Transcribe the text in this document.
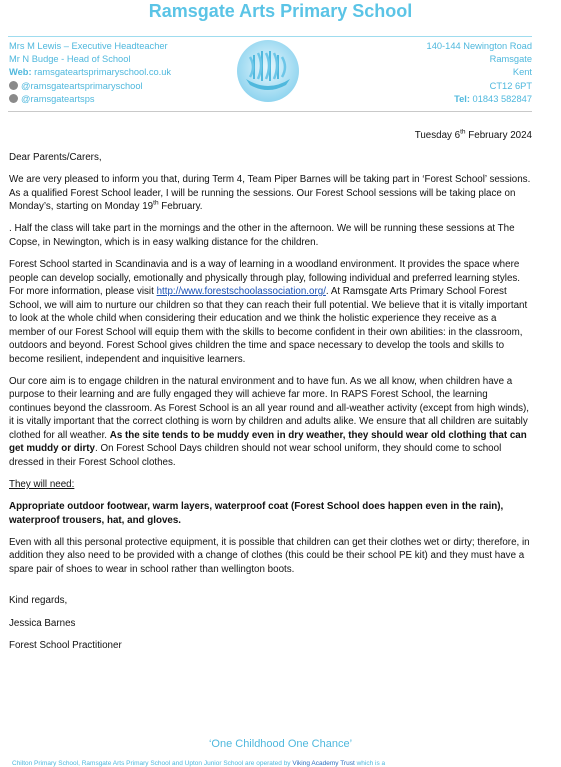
Ramsgate Arts Primary School
Mrs M Lewis – Executive Headteacher
Mr N Budge - Head of School
Web: ramsgateartsprimaryschool.co.uk
@ramsgateartsprimaryschool
@ramsgateartsps
140-144 Newington Road
Ramsgate
Kent
CT12 6PT
Tel: 01843 582847
Tuesday 6th February 2024

Dear Parents/Carers,

We are very pleased to inform you that, during Term 4, Team Piper Barnes will be taking part in ‘Forest School’ sessions. As a qualified Forest School leader, I will be running the sessions. Our Forest School sessions will be taking place on Monday’s, starting on Monday 19th February.

. Half the class will take part in the mornings and the other in the afternoon. We will be running these sessions at The Copse, in Newington, which is in easy walking distance for the children.

Forest School started in Scandinavia and is a way of learning in a woodland environment. It provides the space where people can develop socially, emotionally and physically through play, following individual and preferred learning styles. For more information, please visit http://www.forestschoolassociation.org/. At Ramsgate Arts Primary School Forest School, we will aim to nurture our children so that they can reach their full potential. We believe that it is vitally important to look at the whole child when considering their education and we think the holistic experience they receive as a member of our Forest School will equip them with the skills to become confident in their own abilities: in the classroom, outdoors and beyond. Forest School gives children the time and space necessary to develop the tools and skills to become resilient, independent and inquisitive learners.

Our core aim is to engage children in the natural environment and to have fun. As we all know, when children have a purpose to their learning and are fully engaged they will achieve far more. In RAPS Forest School, the learning continues beyond the classroom. As Forest School is an all year round and all-weather activity (except from high winds), it is vitally important that the correct clothing is worn by children and adults alike. We ensure that all children are suitably clothed for all weather. As the site tends to be muddy even in dry weather, they should wear old clothing that can get muddy or dirty. On Forest School Days children should not wear school uniform, they should come to school dressed in their Forest School clothes.

They will need:

Appropriate outdoor footwear, warm layers, waterproof coat (Forest School does happen even in the rain), waterproof trousers, hat, and gloves.

Even with all this personal protective equipment, it is possible that children can get their clothes wet or dirty; therefore, in addition they also need to be provided with a change of clothes (this could be their school PE kit) and they must have a spare pair of shoes to wear in school rather than wellington boots.

Kind regards,

Jessica Barnes

Forest School Practitioner

‘One Childhood One Chance’
Chilton Primary School, Ramsgate Arts Primary School and Upton Junior School are operated by Viking Academy Trust which is a
